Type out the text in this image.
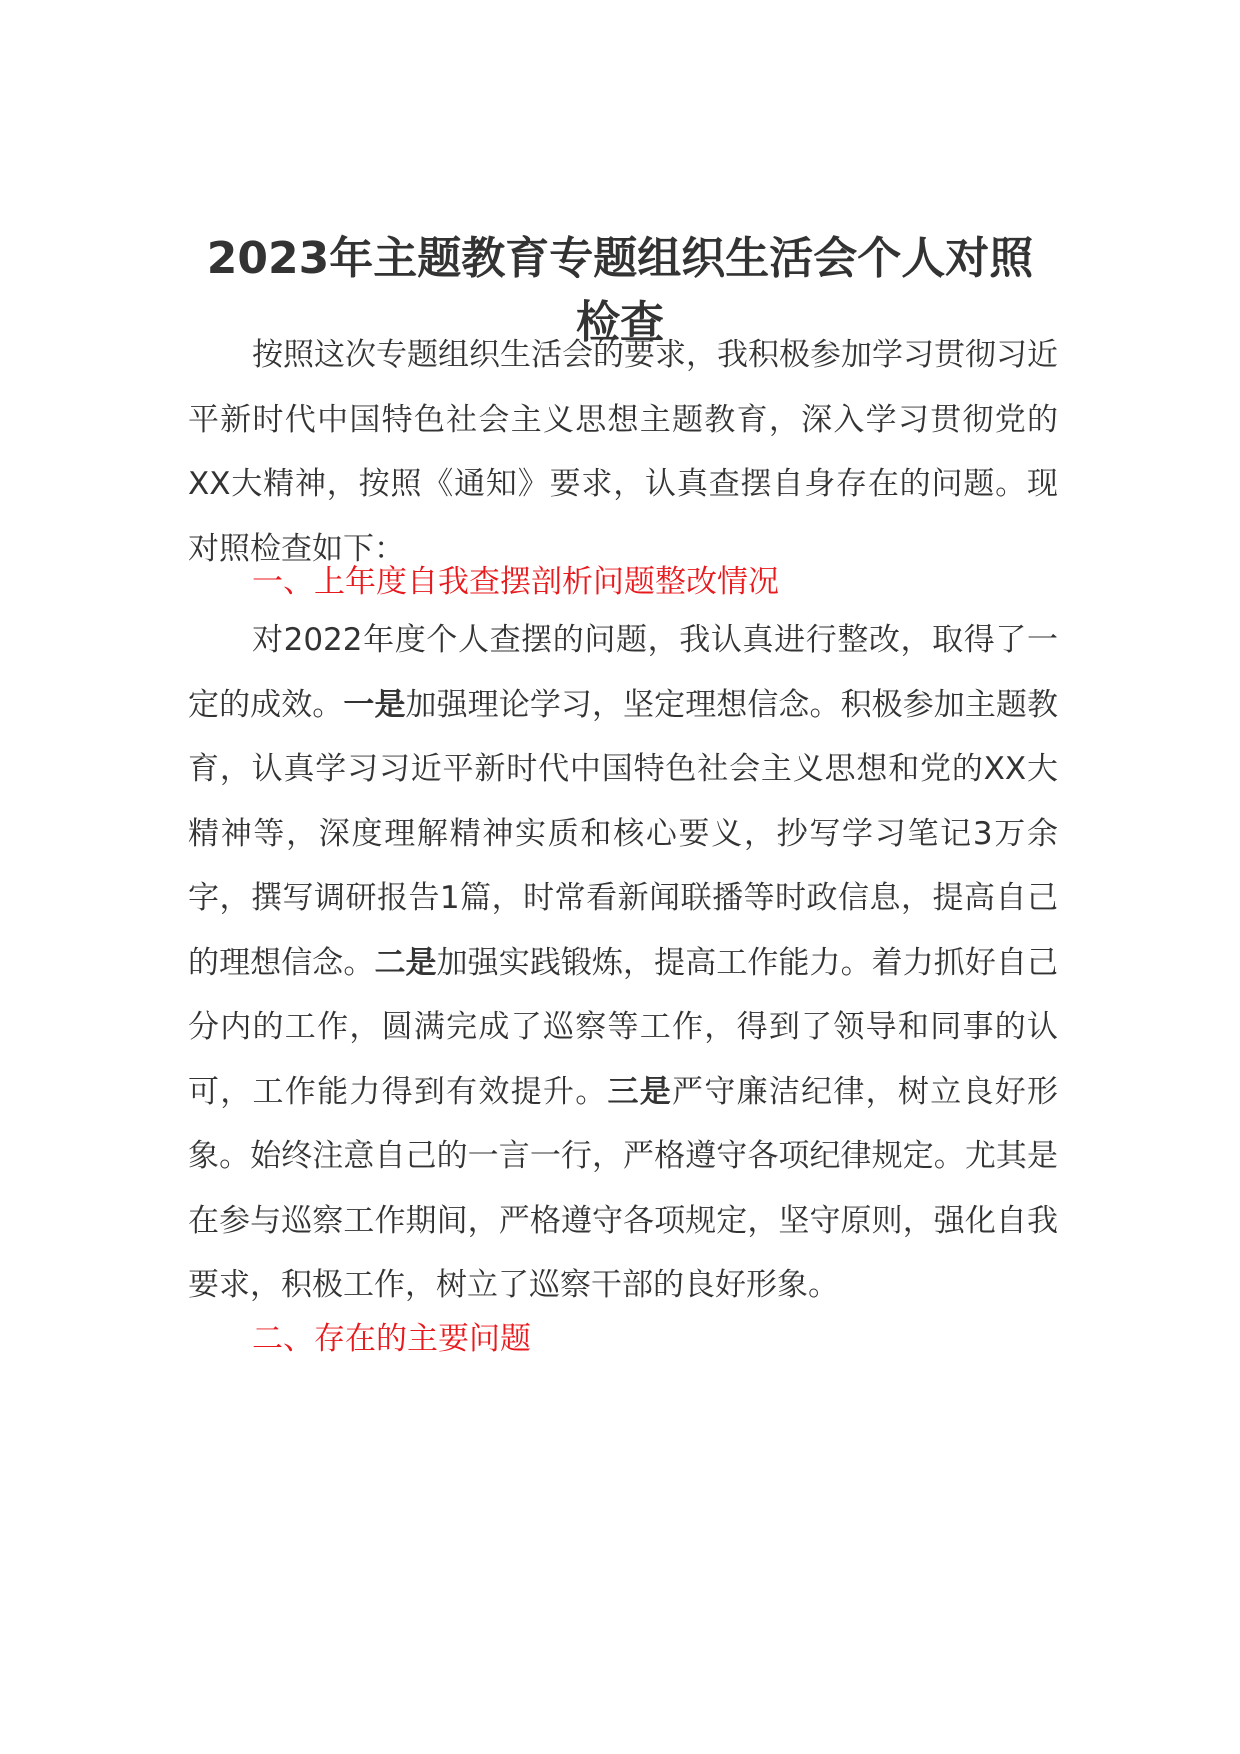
2023年主题教育专题组织生活会个人对照检查

按照这次专题组织生活会的要求，我积极参加学习贯彻习近平新时代中国特色社会主义思想主题教育，深入学习贯彻党的XX大精神，按照《通知》要求，认真查摆自身存在的问题。现对照检查如下：

一、上年度自我查摆剖析问题整改情况

对2022年度个人查摆的问题，我认真进行整改，取得了一定的成效。一是加强理论学习，坚定理想信念。积极参加主题教育，认真学习习近平新时代中国特色社会主义思想和党的XX大精神等，深度理解精神实质和核心要义，抄写学习笔记3万余字，撰写调研报告1篇，时常看新闻联播等时政信息，提高自己的理想信念。二是加强实践锻炼，提高工作能力。着力抓好自己分内的工作，圆满完成了巡察等工作，得到了领导和同事的认可，工作能力得到有效提升。三是严守廉洁纪律，树立良好形象。始终注意自己的一言一行，严格遵守各项纪律规定。尤其是在参与巡察工作期间，严格遵守各项规定，坚守原则，强化自我要求，积极工作，树立了巡察干部的良好形象。

二、存在的主要问题
